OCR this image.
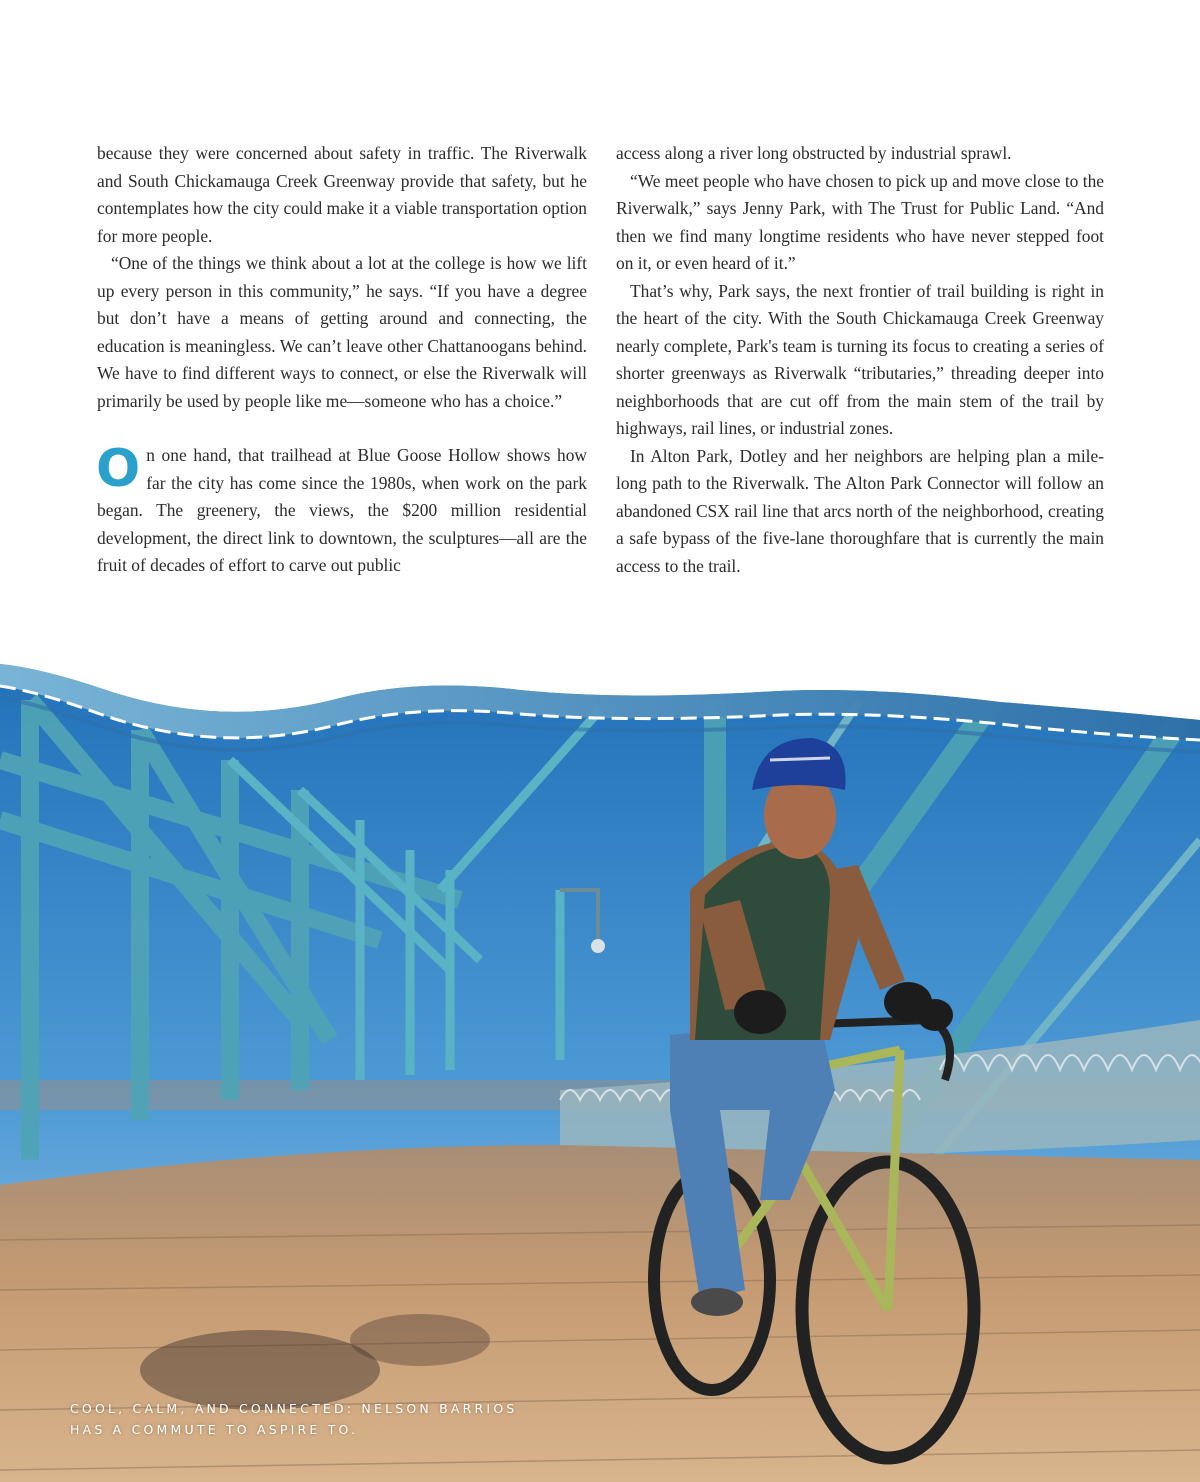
because they were concerned about safety in traffic. The Riverwalk and South Chickamauga Creek Greenway provide that safety, but he contemplates how the city could make it a viable transportation option for more people.

“One of the things we think about a lot at the college is how we lift up every person in this community,” he says. “If you have a degree but don’t have a means of getting around and connecting, the education is meaningless. We can’t leave other Chattanoogans behind. We have to find different ways to connect, or else the Riverwalk will primarily be used by people like me—someone who has a choice.”

On one hand, that trailhead at Blue Goose Hollow shows how far the city has come since the 1980s, when work on the park began. The greenery, the views, the $200 million residential development, the direct link to downtown, the sculptures—all are the fruit of decades of effort to carve out public

access along a river long obstructed by industrial sprawl.

“We meet people who have chosen to pick up and move close to the Riverwalk,” says Jenny Park, with The Trust for Public Land. “And then we find many longtime residents who have never stepped foot on it, or even heard of it.”

That’s why, Park says, the next frontier of trail building is right in the heart of the city. With the South Chickamauga Creek Greenway nearly complete, Park's team is turning its focus to creating a series of shorter greenways as Riverwalk “tributaries,” threading deeper into neighborhoods that are cut off from the main stem of the trail by highways, rail lines, or industrial zones.

In Alton Park, Dotley and her neighbors are helping plan a mile-long path to the Riverwalk. The Alton Park Connector will follow an abandoned CSX rail line that arcs north of the neighborhood, creating a safe bypass of the five-lane thoroughfare that is currently the main access to the trail.

COOL, CALM, AND CONNECTED: NELSON BARRIOS
HAS A COMMUTE TO ASPIRE TO.
